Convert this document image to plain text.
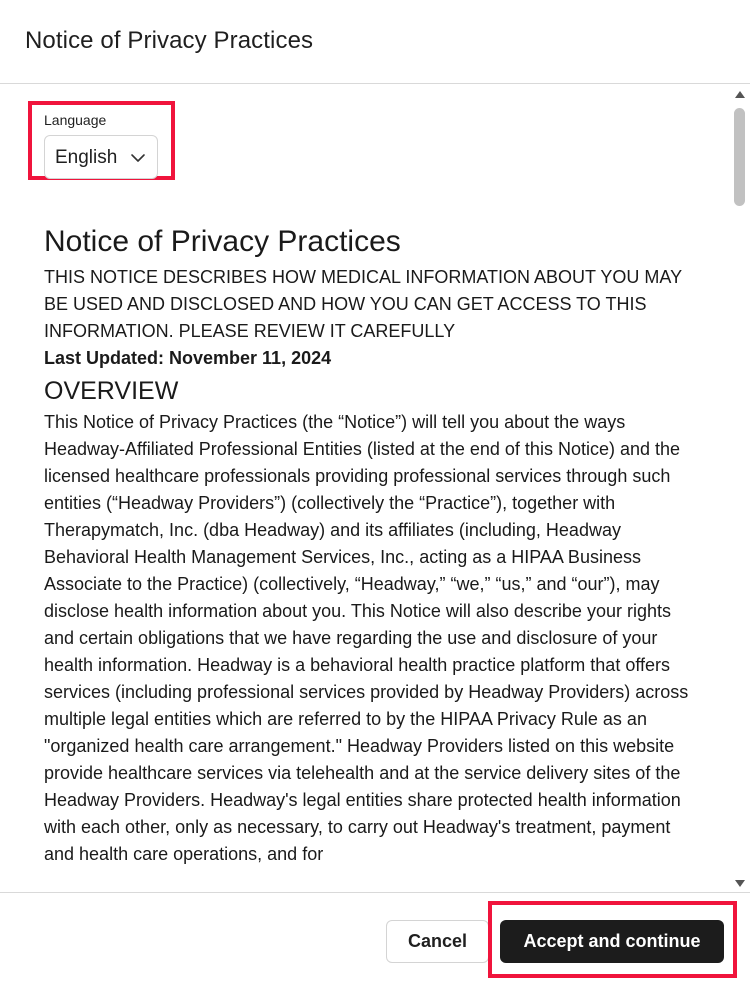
Notice of Privacy Practices
Language
English
Notice of Privacy Practices
THIS NOTICE DESCRIBES HOW MEDICAL INFORMATION ABOUT YOU MAY BE USED AND DISCLOSED AND HOW YOU CAN GET ACCESS TO THIS INFORMATION. PLEASE REVIEW IT CAREFULLY
Last Updated: November 11, 2024
OVERVIEW
This Notice of Privacy Practices (the “Notice”) will tell you about the ways Headway-Affiliated Professional Entities (listed at the end of this Notice) and the licensed healthcare professionals providing professional services through such entities (“Headway Providers”) (collectively the “Practice”), together with Therapymatch, Inc. (dba Headway) and its affiliates (including, Headway Behavioral Health Management Services, Inc., acting as a HIPAA Business Associate to the Practice) (collectively, “Headway,” “we,” “us,” and “our”), may disclose health information about you. This Notice will also describe your rights and certain obligations that we have regarding the use and disclosure of your health information. Headway is a behavioral health practice platform that offers services (including professional services provided by Headway Providers) across multiple legal entities which are referred to by the HIPAA Privacy Rule as an "organized health care arrangement." Headway Providers listed on this website provide healthcare services via telehealth and at the service delivery sites of the Headway Providers. Headway's legal entities share protected health information with each other, only as necessary, to carry out Headway's treatment, payment and health care operations, and for
Cancel	Accept and continue
